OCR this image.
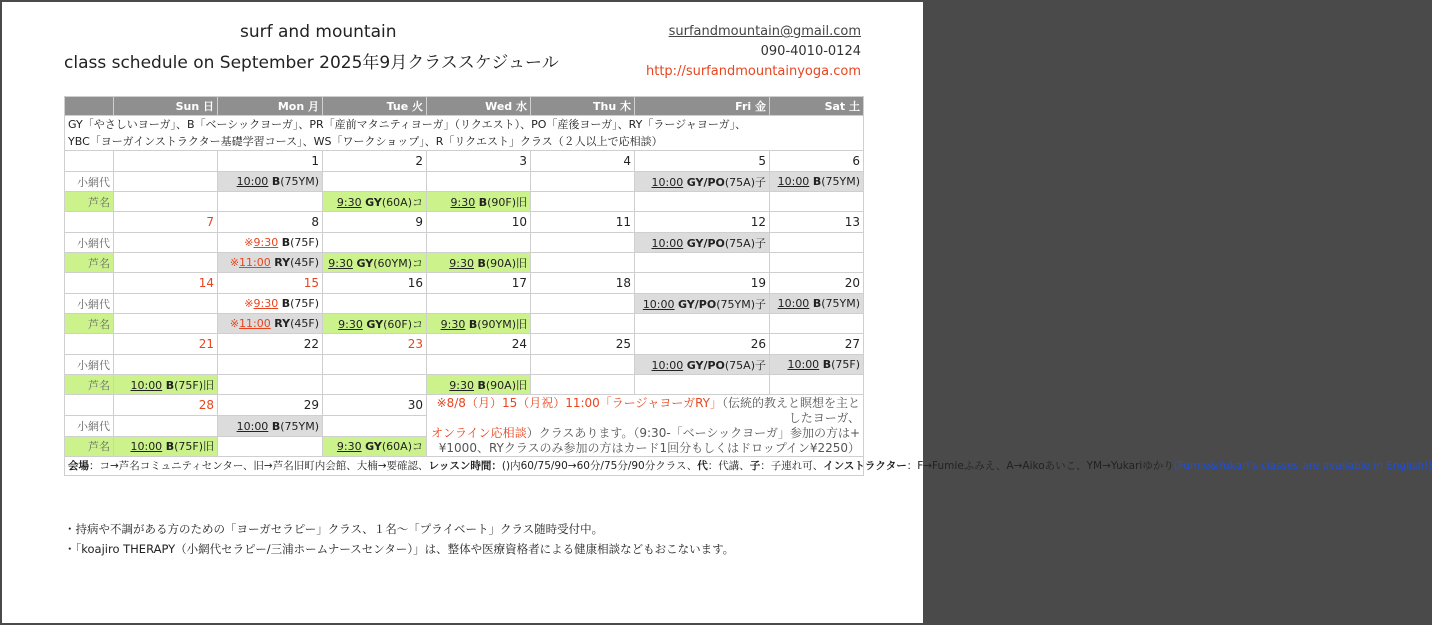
surf and mountain
class schedule on September 2025年9月クラススケジュール
surfandmountain@gmail.com
090-4010-0124
http://surfandmountainyoga.com
	Sun 日	Mon 月	Tue 火	Wed 水	Thu 木	Fri 金	Sat 土

GY「やさしいヨーガ」、B「ベーシックヨーガ」、PR「産前マタニティヨーガ」（リクエスト）、PO「産後ヨーガ」、RY「ラージャヨーガ」、
YBC「ヨーガインストラクター基礎学習コース」、WS「ワークショップ」、R「リクエスト」クラス（２人以上で応相談）							

		1	2	3	4	5	6
小網代		10:00 B(75YM)				10:00 GY/PO(75A)子	10:00 B(75YM)
芦名			9:30 GY(60A)コ	9:30 B(90F)旧			
	7	8	9	10	11	12	13
小網代		※9:30 B(75F)				10:00 GY/PO(75A)子	
芦名		※11:00 RY(45F)	9:30 GY(60YM)コ	9:30 B(90A)旧			
	14	15	16	17	18	19	20
小網代		※9:30 B(75F)				10:00 GY/PO(75YM)子	10:00 B(75YM)
芦名		※11:00 RY(45F)	9:30 GY(60F)コ	9:30 B(90YM)旧			
	21	22	23	24	25	26	27
小網代						10:00 GY/PO(75A)子	10:00 B(75F)
芦名	10:00 B(75F)旧			9:30 B(90A)旧			
	28	29	30	※8/8（月）15（月祝）11:00「ラージャヨーガRY」（伝統的教えと瞑想を主としたヨーガ、
オンライン応相談）クラスあります。（9:30-「ベーシックヨーガ」参加の方は+¥1000、RYクラスのみ参加の方はカード1回分もしくはドロップイン¥2250）			
小網代		10:00 B(75YM)					
芦名	10:00 B(75F)旧		9:30 GY(60A)コ				
会場：コ→芦名コミュニティセンター、旧→芦名旧町内会館、大楠→要確認、レッスン時間：()内60/75/90→60分/75分/90分クラス、代：代講、子：子連れ可、インストラクター：F→Fumieふみえ、A→Aikoあいこ、YM→Yukariゆかり(Fumie&Yukari's classes are available in English!)							
・持病や不調がある方のための「ヨーガセラピー」クラス、１名〜「プライベート」クラス随時受付中。
・「koajiro THERAPY（小網代セラピー/三浦ホームナースセンター）」は、整体や医療資格者による健康相談などもおこないます。
